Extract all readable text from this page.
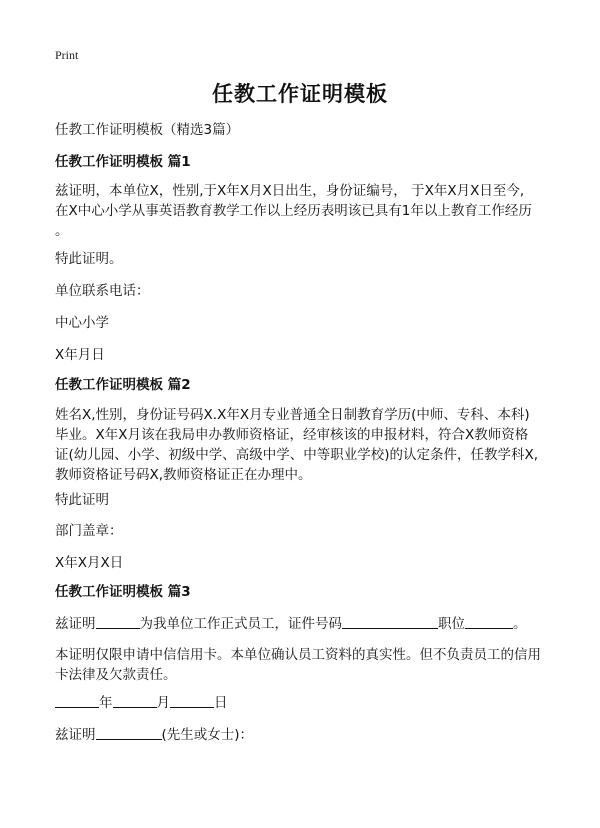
Print
任教工作证明模板
任教工作证明模板（精选3篇）
任教工作证明模板 篇1
兹证明，本单位X，性别,于X年X月X日出生，身份证编号， 于X年X月X日至今,
在X中心小学从事英语教育教学工作以上经历表明该已具有1年以上教育工作经历
。
特此证明。
单位联系电话：
中心小学
X年月日
任教工作证明模板 篇2
姓名X,性别，身份证号码X.X年X月专业普通全日制教育学历(中师、专科、本科)
毕业。X年X月该在我局申办教师资格证，经审核该的申报材料，符合X教师资格
证(幼儿园、小学、初级中学、高级中学、中等职业学校)的认定条件，任教学科X,
教师资格证号码X,教师资格证正在办理中。
特此证明
部门盖章：
X年X月X日
任教工作证明模板 篇3
兹证明	为我单位工作正式员工，证件号码	职位	。
本证明仅限申请中信信用卡。本单位确认员工资料的真实性。但不负责员工的信用
卡法律及欠款责任。
年	月	日
兹证明	(先生或女士)：
